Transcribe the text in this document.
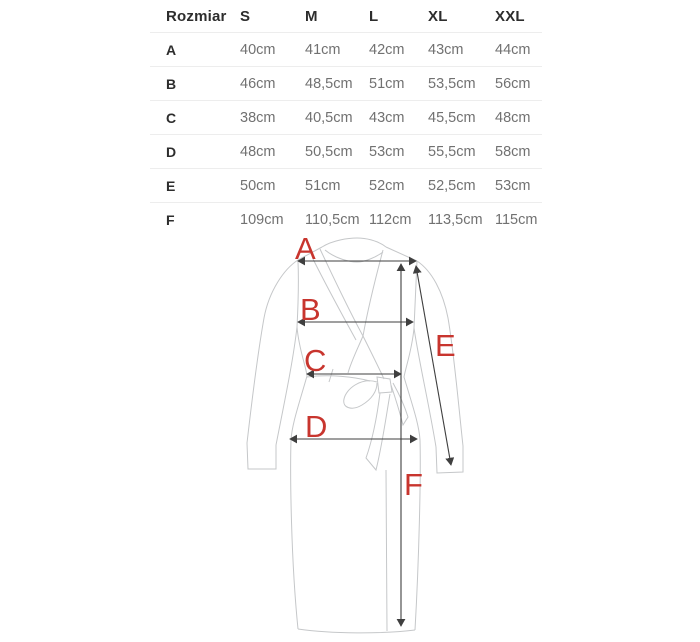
Rozmiar S	M	L	XL	XXL
A	40cm	41cm	42cm	43cm	44cm
B	46cm	48,5cm	51cm	53,5cm	56cm
C	38cm	40,5cm	43cm	45,5cm	48cm
D	48cm	50,5cm	53cm	55,5cm	58cm
E	50cm	51cm	52cm	52,5cm	53cm
F	109cm	110,5cm 112cm	113,5cm 115cm
A
B
C
D
E
F
